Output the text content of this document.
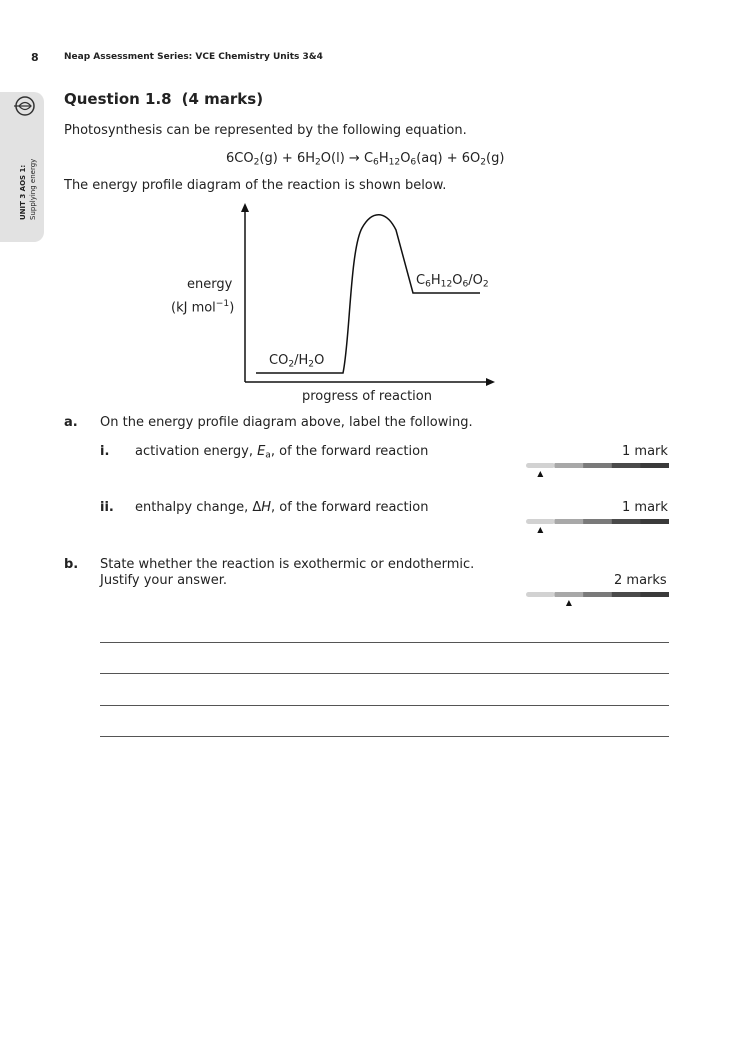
8	Neap Assessment Series: VCE Chemistry Units 3&4
UNIT 3 AOS 1: Supplying energy
Question 1.8 (4 marks)
Photosynthesis can be represented by the following equation.
$6CO_2(g) + 6H_2O(l) \to C_6H_{12}O_6(aq) + 6O_2(g)$
The energy profile diagram of the reaction is shown below.
energy
(kJ mol$^{-1}$)
$CO_2/H_2O$
$C_6H_{12}O_6/O_2$
progress of reaction
a. On the energy profile diagram above, label the following.
i. activation energy, $E_a$, of the forward reaction	1 mark
ii. enthalpy change, ΔH, of the forward reaction	1 mark
b. State whether the reaction is exothermic or endothermic.
Justify your answer.	2 marks
